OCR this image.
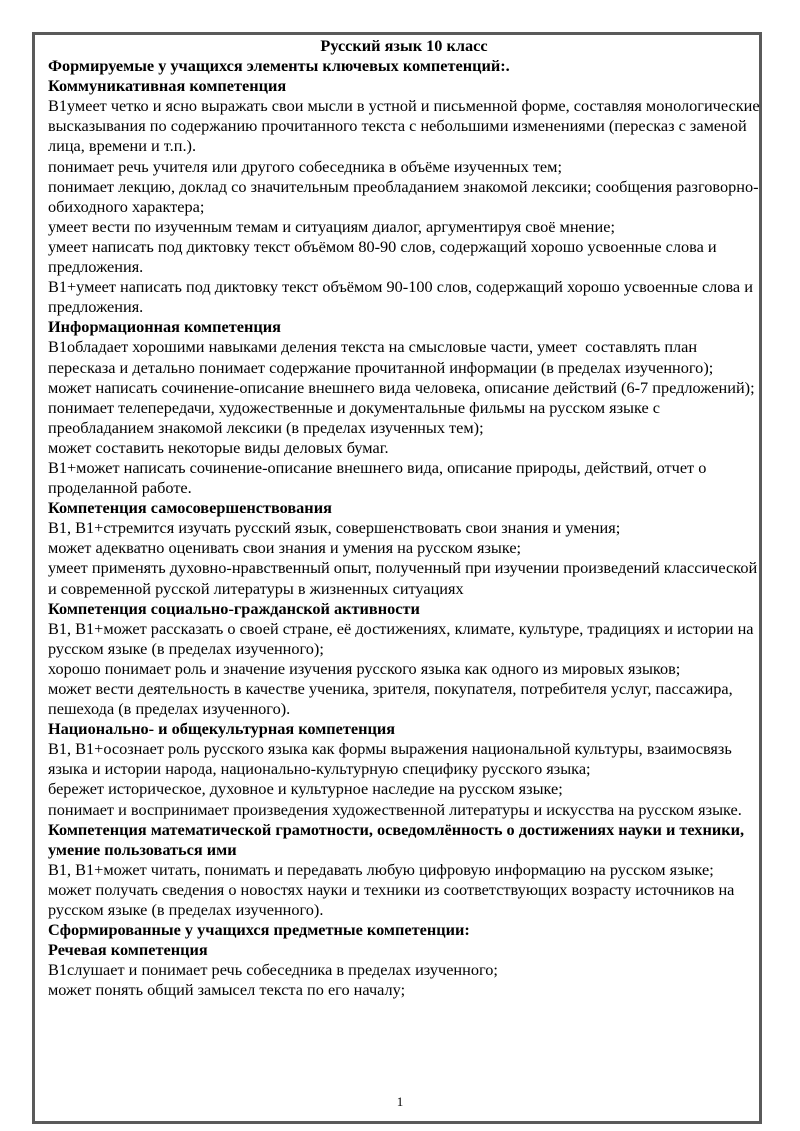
Русский язык 10 класс
Формируемые у учащихся элементы ключевых компетенций:.
Коммуникативная компетенция
В1умеет четко и ясно выражать свои мысли в устной и письменной форме, составляя монологические высказывания по содержанию прочитанного текста с небольшими изменениями (пересказ с заменой лица, времени и т.п.).
понимает речь учителя или другого собеседника в объёме изученных тем;
понимает лекцию, доклад со значительным преобладанием знакомой лексики; сообщения разговорно-обиходного характера;
умеет вести по изученным темам и ситуациям диалог, аргументируя своё мнение;
умеет написать под диктовку текст объёмом 80-90 слов, содержащий хорошо усвоенные слова и предложения.
В1+умеет написать под диктовку текст объёмом 90-100 слов, содержащий хорошо усвоенные слова и предложения.
Информационная компетенция
В1обладает хорошими навыками деления текста на смысловые части, умеет  составлять план пересказа и детально понимает содержание прочитанной информации (в пределах изученного);
может написать сочинение-описание внешнего вида человека, описание действий (6-7 предложений);
понимает телепередачи, художественные и документальные фильмы на русском языке с преобладанием знакомой лексики (в пределах изученных тем);
может составить некоторые виды деловых бумаг.
В1+может написать сочинение-описание внешнего вида, описание природы, действий, отчет о проделанной работе.
Компетенция самосовершенствования
В1, В1+стремится изучать русский язык, совершенствовать свои знания и умения;
может адекватно оценивать свои знания и умения на русском языке;
умеет применять духовно-нравственный опыт, полученный при изучении произведений классической и современной русской литературы в жизненных ситуациях
Компетенция социально-гражданской активности
В1, В1+может рассказать о своей стране, её достижениях, климате, культуре, традициях и истории на русском языке (в пределах изученного);
хорошо понимает роль и значение изучения русского языка как одного из мировых языков;
может вести деятельность в качестве ученика, зрителя, покупателя, потребителя услуг, пассажира, пешехода (в пределах изученного).
Национально- и общекультурная компетенция
В1, В1+осознает роль русского языка как формы выражения национальной культуры, взаимосвязь языка и истории народа, национально-культурную специфику русского языка;
бережет историческое, духовное и культурное наследие на русском языке;
понимает и воспринимает произведения художественной литературы и искусства на русском языке.
Компетенция математической грамотности, осведомлённость о достижениях науки и техники, умение пользоваться ими
В1, В1+может читать, понимать и передавать любую цифровую информацию на русском языке;
может получать сведения о новостях науки и техники из соответствующих возрасту источников на русском языке (в пределах изученного).
Сформированные у учащихся предметные компетенции:
Речевая компетенция
В1слушает и понимает речь собеседника в пределах изученного;
может понять общий замысел текста по его началу;
1
